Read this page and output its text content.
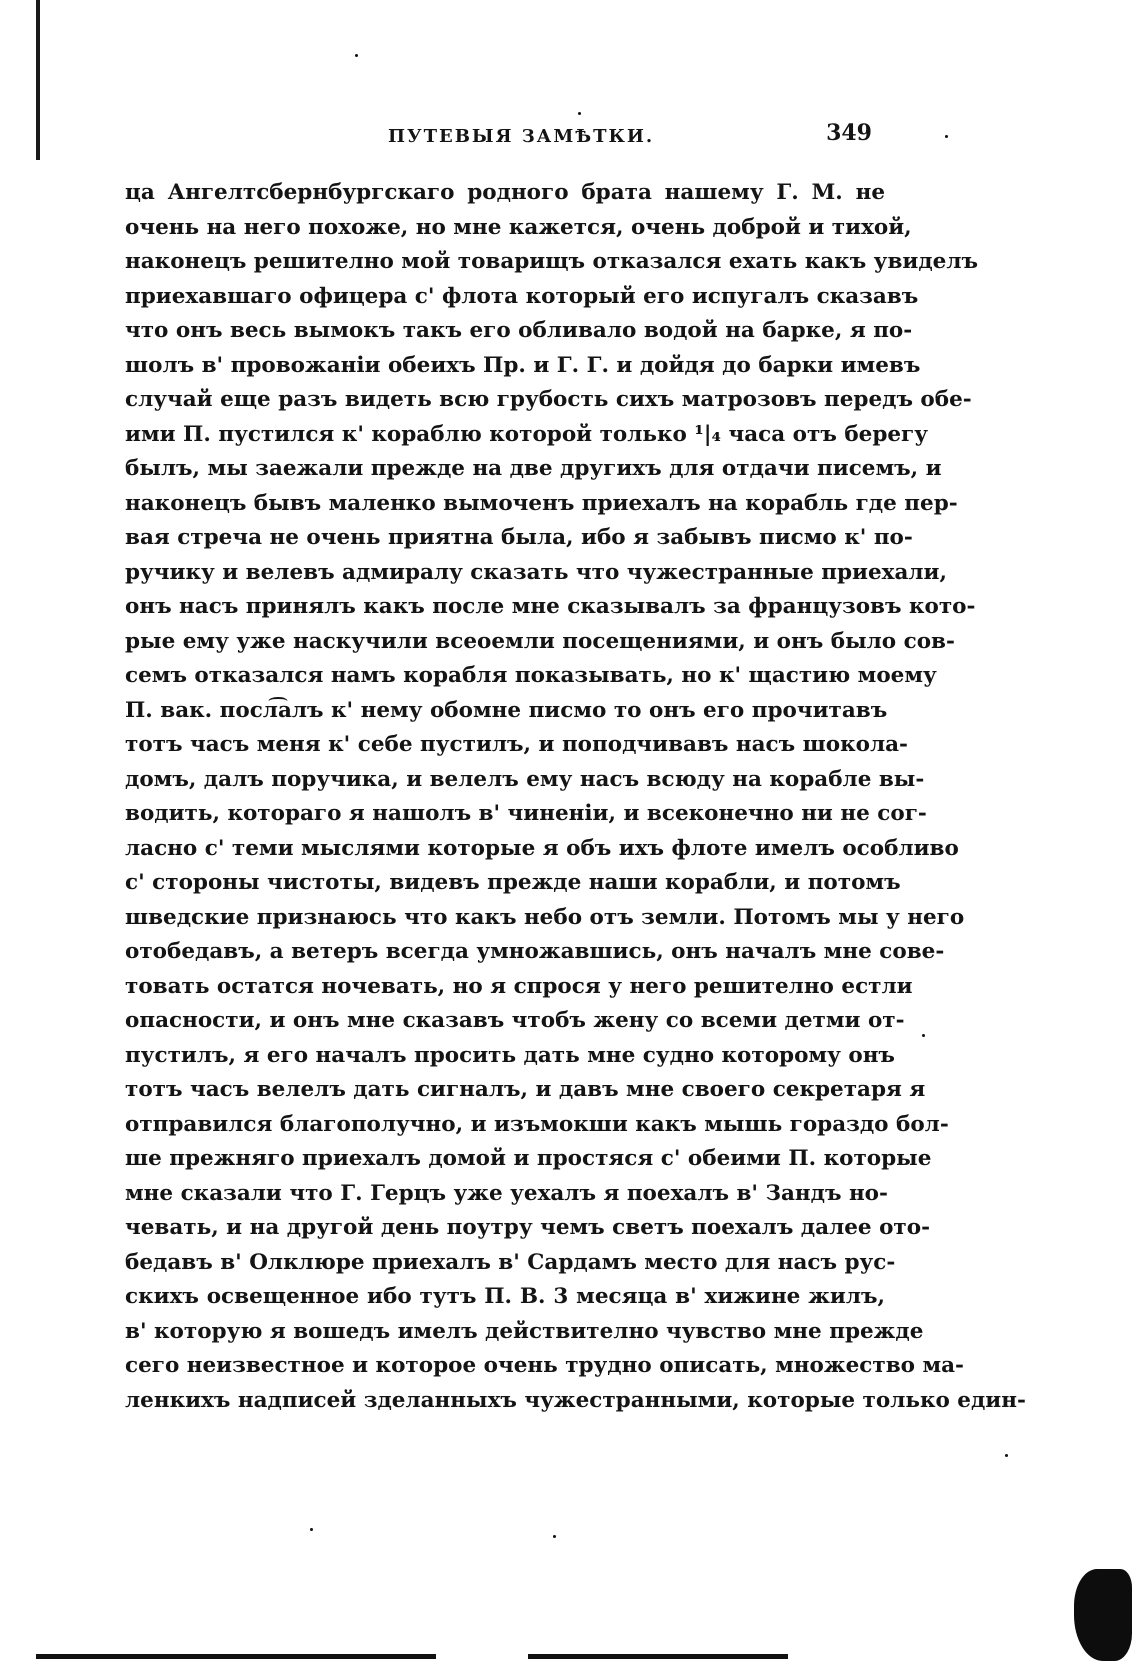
ПУТЕВЫЯ ЗАМѢТКИ.	349
ца Ангелтсбернбургскаго родного брата нашему Г. М. не
очень на него похоже, но мне кажется, очень доброй и тихой,
наконецъ решително мой товарищъ отказался ехать какъ увиделъ
приехавшаго офицера с' флота который его испугалъ сказавъ
что онъ весь вымокъ такъ его обливало водой на барке, я по-
шолъ в' провожанiи обеихъ Пр. и Г. Г. и дойдя до барки имевъ
случай еще разъ видеть всю грубость сихъ матрозовъ передъ обе-
ими П. пустился к' кораблю которой только ¹|₄ часа отъ берегу
былъ, мы заежали прежде на две другихъ для отдачи писемъ, и
наконецъ бывъ маленко вымоченъ приехалъ на корабль где пер-
вая стреча не очень приятна была, ибо я забывъ писмо к' по-
ручику и велевъ адмиралу сказать что чужестранные приехали,
онъ насъ принялъ какъ после мне сказывалъ за французовъ кото-
рые ему уже наскучили всеоемли посещениями, и онъ было сов-
семъ отказался намъ корабля показывать, но к' щастию моему
П. вак. посл͡алъ к' нему обомне писмо то онъ его прочитавъ
тотъ часъ меня к' себе пустилъ, и поподчивавъ насъ шокола-
домъ, далъ поручика, и велелъ ему насъ всюду на корабле вы-
водить, котораго я нашолъ в' чиненiи, и всеконечно ни не сог-
ласно с' теми мыслями которые я объ ихъ флоте имелъ особливо
с' стороны чистоты, видевъ прежде наши корабли, и потомъ
шведские признаюсь что какъ небо отъ земли. Потомъ мы у него
отобедавъ, а ветеръ всегда умножавшись, онъ началъ мне сове-
товать остатся ночевать, но я спрося у него решително естли
опасности, и онъ мне сказавъ чтобъ жену со всеми детми от-
пустилъ, я его началъ просить дать мне судно которому онъ
тотъ часъ велелъ дать сигналъ, и давъ мне своего секретаря я
отправился благополучно, и изъмокши какъ мышь гораздо бол-
ше прежняго приехалъ домой и простяся с' обеими П. которые
мне сказали что Г. Герцъ уже уехалъ я поехалъ в' Зандъ но-
чевать, и на другой день поутру чемъ светъ поехалъ далее ото-
бедавъ в' Олклюре приехалъ в' Сардамъ место для насъ рус-
скихъ освещенное ибо тутъ П. В. 3 месяца в' хижине жилъ,
в' которую я вошедъ имелъ действително чувство мне прежде
сего неизвестное и которое очень трудно описать, множество ма-
ленкихъ надписей зделанныхъ чужестранными, которые только един-
